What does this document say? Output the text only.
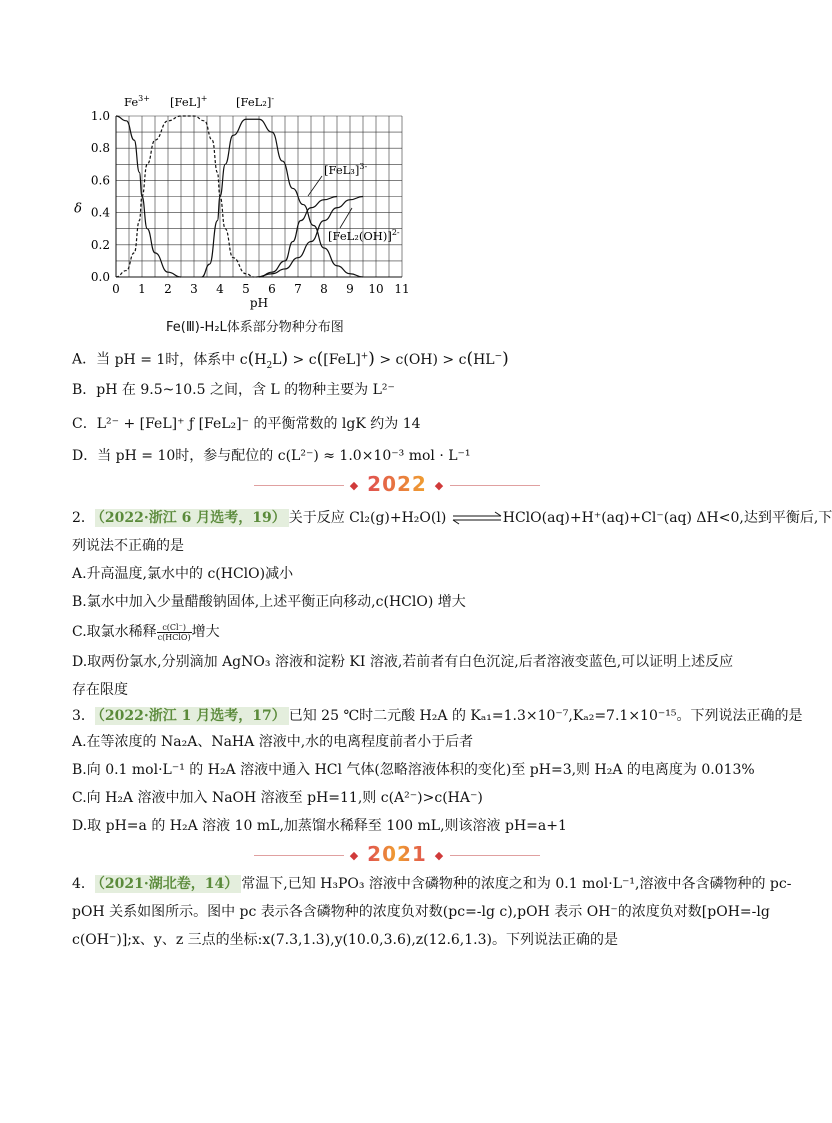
0 1 2 3 4 5 6 7 8 9 10 11
0.0
0.2
0.4
0.6
0.8
1.0
pH
δ
$Fe^{3+}$ [FeL]+ [FeL₂]-
$[FeL_3]^{3-}$
$[FeL_2(OH)]^{2-}$
Fe(Ⅲ)-H₂L体系部分物种分布图
A．当 pH = 1时，体系中 $c(H_2L) > c([FeL]^+) > c(OH) > c(HL^-)$
B．pH 在 9.5~10.5 之间，含 L 的物种主要为 L²⁻
C．L²⁻ + [FeL]⁺ ƒ [FeL₂]⁻ 的平衡常数的 lgK 约为 14
D．当 pH = 10时，参与配位的 c(L²⁻) ≈ 1.0×10⁻³ mol · L⁻¹
◆ 2022 ◆
2． （2022·浙江 6 月选考，19） 关于反应 Cl₂(g)+H₂O(l) ⇌HClO(aq)+H⁺(aq)+Cl⁻(aq) ΔH<0,达到平衡后,下
列说法不正确的是
A.升高温度,氯水中的 c(HClO)减小
B.氯水中加入少量醋酸钠固体,上述平衡正向移动,c(HClO) 增大
C.取氯水稀释 $\frac{c(Cl^-)}{\text{c(HClO)}}$ 增大
D.取两份氯水,分别滴加 AgNO₃ 溶液和淀粉 KI 溶液,若前者有白色沉淀,后者溶液变蓝色,可以证明上述反应
存在限度
3． （2022·浙江 1 月选考，17） 已知 25 ℃时二元酸 H₂A 的 Kₐ₁=1.3×10⁻⁷,Kₐ₂=7.1×10⁻¹⁵。下列说法正确的是
A.在等浓度的 Na₂A、NaHA 溶液中,水的电离程度前者小于后者
B.向 0.1 mol·L⁻¹ 的 H₂A 溶液中通入 HCl 气体(忽略溶液体积的变化)至 pH=3,则 H₂A 的电离度为 0.013%
C.向 H₂A 溶液中加入 NaOH 溶液至 pH=11,则 c(A²⁻)>c(HA⁻)
D.取 pH=a 的 H₂A 溶液 10 mL,加蒸馏水稀释至 100 mL,则该溶液 pH=a+1
◆ 2021 ◆
4． （2021·湖北卷，14） 常温下,已知 H₃PO₃ 溶液中含磷物种的浓度之和为 0.1 mol·L⁻¹,溶液中各含磷物种的 pc-
pOH 关系如图所示。图中 pc 表示各含磷物种的浓度负对数(pc=-lg c),pOH 表示 OH⁻的浓度负对数[pOH=-lg
c(OH⁻)];x、y、z 三点的坐标:x(7.3,1.3),y(10.0,3.6),z(12.6,1.3)。下列说法正确的是
